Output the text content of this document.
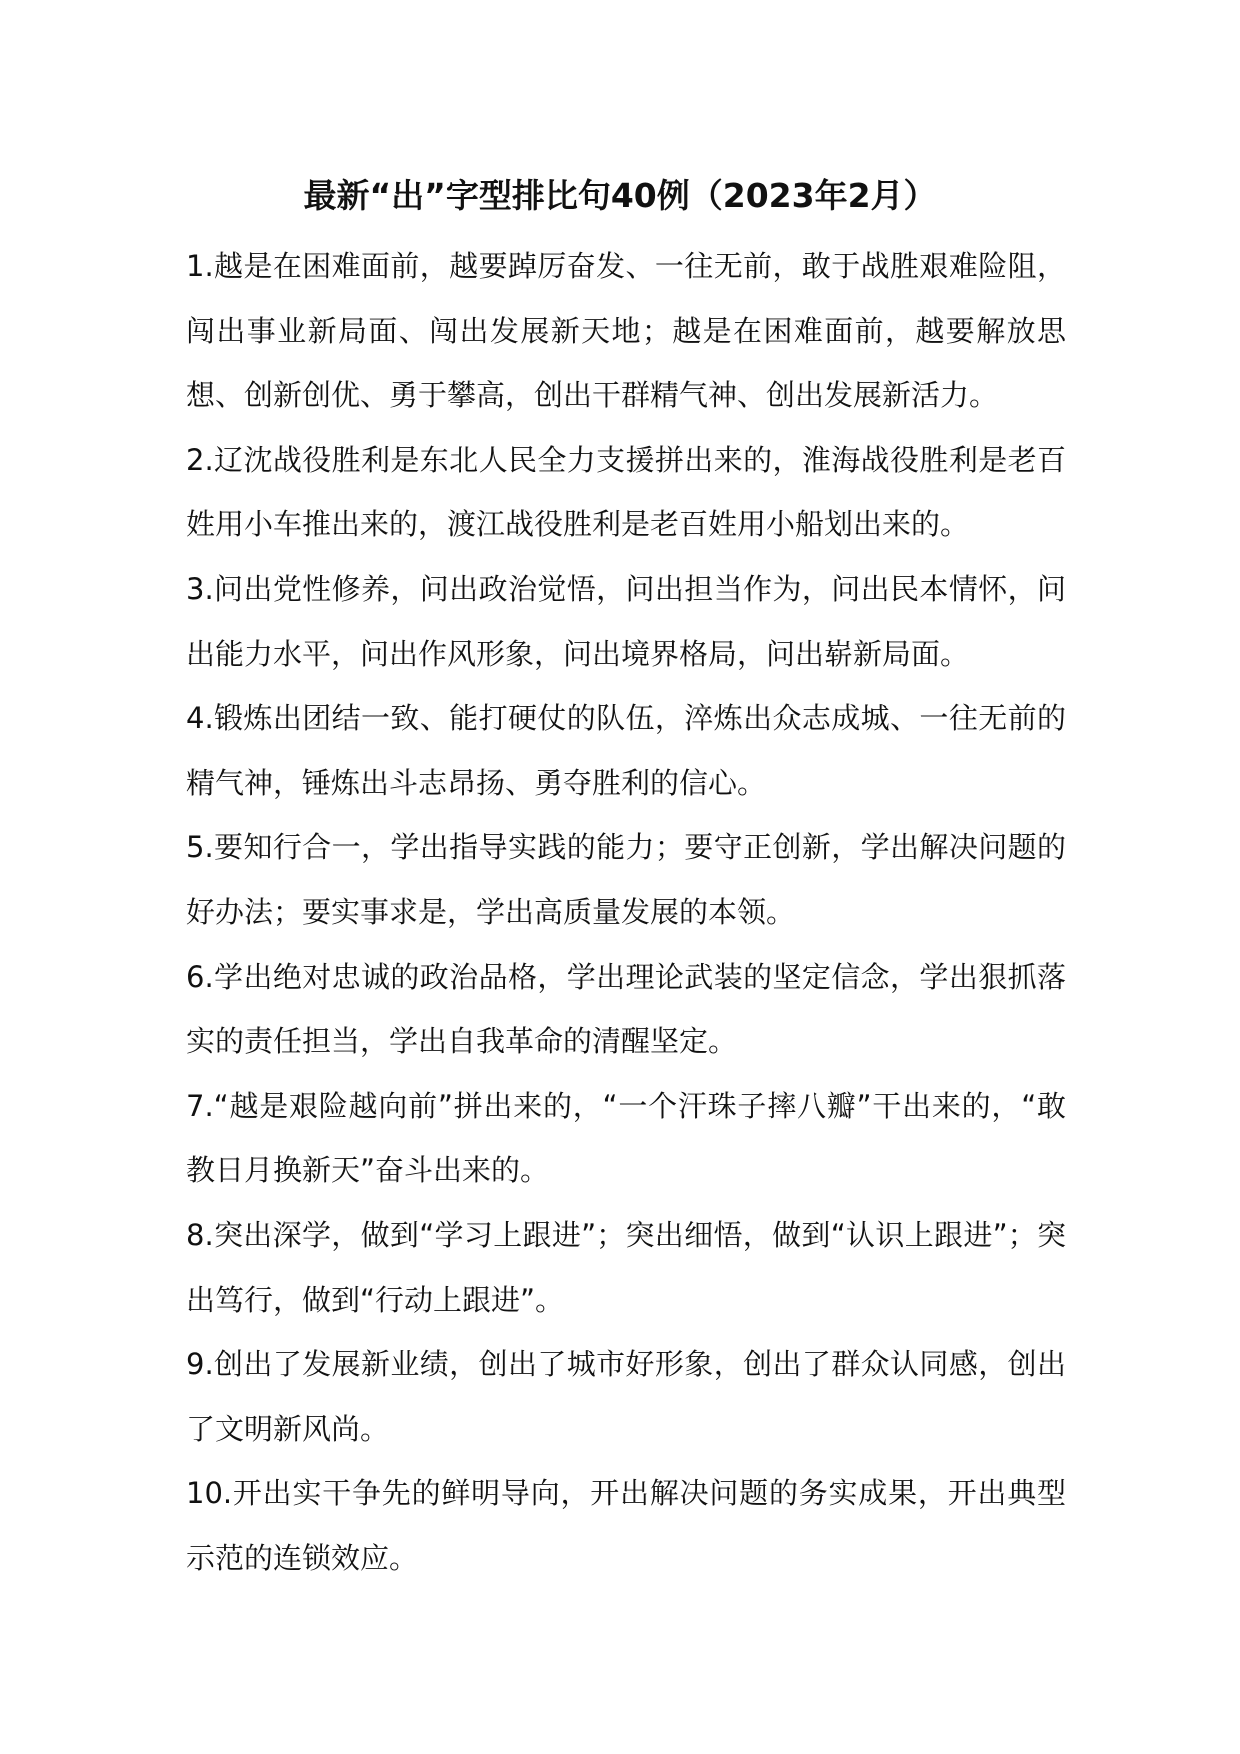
最新“出”字型排比句40例（2023年2月）

1.越是在困难面前，越要踔厉奋发、一往无前，敢于战胜艰难险阻，闯出事业新局面、闯出发展新天地；越是在困难面前，越要解放思想、创新创优、勇于攀高，创出干群精气神、创出发展新活力。

2.辽沈战役胜利是东北人民全力支援拼出来的，淮海战役胜利是老百姓用小车推出来的，渡江战役胜利是老百姓用小船划出来的。

3.问出党性修养，问出政治觉悟，问出担当作为，问出民本情怀，问出能力水平，问出作风形象，问出境界格局，问出崭新局面。

4.锻炼出团结一致、能打硬仗的队伍，淬炼出众志成城、一往无前的精气神，锤炼出斗志昂扬、勇夺胜利的信心。

5.要知行合一，学出指导实践的能力；要守正创新，学出解决问题的好办法；要实事求是，学出高质量发展的本领。

6.学出绝对忠诚的政治品格，学出理论武装的坚定信念，学出狠抓落实的责任担当，学出自我革命的清醒坚定。

7.“越是艰险越向前”拼出来的，“一个汗珠子摔八瓣”干出来的，“敢教日月换新天”奋斗出来的。

8.突出深学，做到“学习上跟进”；突出细悟，做到“认识上跟进”；突出笃行，做到“行动上跟进”。

9.创出了发展新业绩，创出了城市好形象，创出了群众认同感，创出了文明新风尚。

10.开出实干争先的鲜明导向，开出解决问题的务实成果，开出典型示范的连锁效应。
